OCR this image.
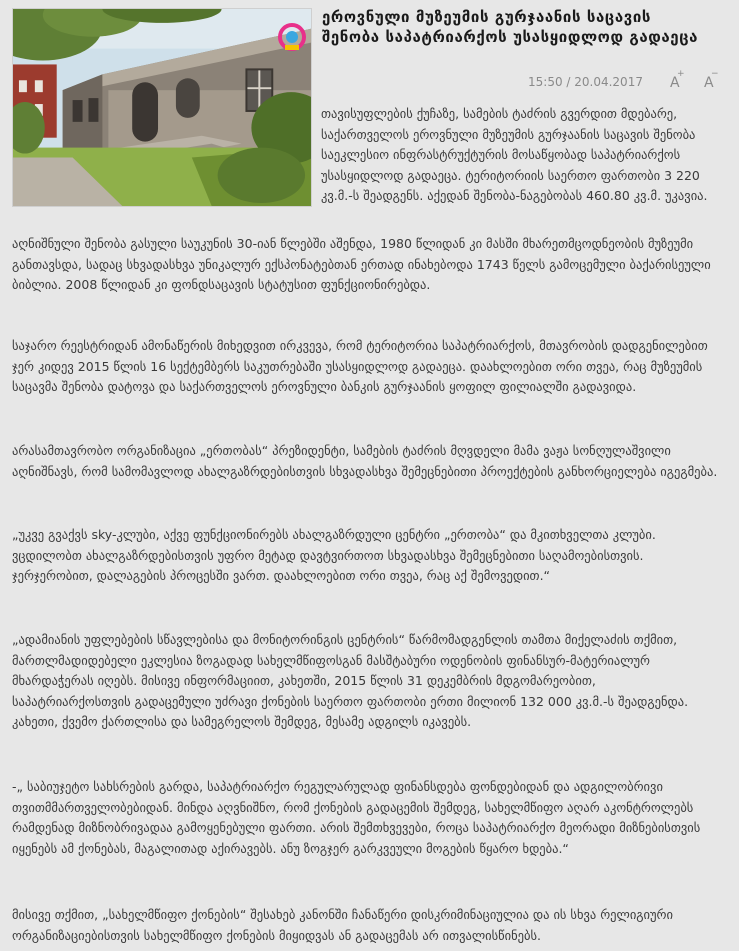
ეროვნული მუზეუმის გურჯაანის საცავის შენობა საპატრიარქოს უსასყიდლოდ გადაეცა
15:50 / 20.04.2017
+
A
−
A

თავისუფლების ქუჩაზე, სამების ტაძრის გვერდით მდებარე, საქართველოს ეროვნული მუზეუმის გურჯაანის საცავის შენობა საეკლესიო ინფრასტრუქტურის მოსაწყობად საპატრიარქოს უსასყიდლოდ გადაეცა. ტერიტორიის საერთო ფართობი 3 220 კვ.მ.-ს შეადგენს. აქედან შენობა-ნაგებობას 460.80 კვ.მ. უკავია.

აღნიშნული შენობა გასული საუკუნის 30-იან წლებში აშენდა, 1980 წლიდან კი მასში მხარეთმცოდნეობის მუზეუმი განთავსდა, სადაც სხვადასხვა უნიკალურ ექსპონატებთან ერთად ინახებოდა 1743 წელს გამოცემული ბაქარისეული ბიბლია. 2008 წლიდან კი ფონდსაცავის სტატუსით ფუნქციონირებდა.

საჯარო რეესტრიდან ამონაწერის მიხედვით ირკვევა, რომ ტერიტორია საპატრიარქოს, მთავრობის დადგენილებით ჯერ კიდევ 2015 წლის 16 სექტემბერს საკუთრებაში უსასყიდლოდ გადაეცა. დაახლოებით ორი თვეა, რაც მუზეუმის საცავმა შენობა დატოვა და საქართველოს ეროვნული ბანკის გურჯაანის ყოფილ ფილიალში გადავიდა.

არასამთავრობო ორგანიზაცია „ერთობას“ პრეზიდენტი, სამების ტაძრის მღვდელი მამა ვაჟა სონღულაშვილი აღნიშნავს, რომ სამომავლოდ ახალგაზრდებისთვის სხვადასხვა შემეცნებითი პროექტების განხორციელება იგეგმება.

„უკვე გვაქვს sky-კლუბი, აქვე ფუნქციონირებს ახალგაზრდული ცენტრი „ერთობა“ და მკითხველთა კლუბი. ვცდილობთ ახალგაზრდებისთვის უფრო მეტად დავტვირთოთ სხვადასხვა შემეცნებითი საღამოებისთვის. ჯერჯერობით, დალაგების პროცესში ვართ. დაახლოებით ორი თვეა, რაც აქ შემოვედით.“

„ადამიანის უფლებების სწავლებისა და მონიტორინგის ცენტრის“ წარმომადგენლის თამთა მიქელაძის თქმით, მართლმადიდებელი ეკლესია ზოგადად სახელმწიფოსგან მასშტაბური ოდენობის ფინანსურ-მატერიალურ მხარდაჭერას იღებს. მისივე ინფორმაციით, კახეთში, 2015 წლის 31 დეკემბრის მდგომარეობით, საპატრიარქოსთვის გადაცემული უძრავი ქონების საერთო ფართობი ერთი მილიონ 132 000 კვ.მ.-ს შეადგენდა. კახეთი, ქვემო ქართლისა და სამეგრელოს შემდეგ, მესამე ადგილს იკავებს.

-„ საბიუჯეტო სახსრების გარდა, საპატრიარქო რეგულარულად ფინანსდება ფონდებიდან და ადგილობრივი თვითმმართველობებიდან. მინდა აღვნიშნო, რომ ქონების გადაცემის შემდეგ, სახელმწიფო აღარ აკონტროლებს რამდენად მიზნობრივადაა გამოყენებული ფართი. არის შემთხვევები, როცა საპატრიარქო მეორადი მიზნებისთვის იყენებს ამ ქონებას, მაგალითად აქირავებს. ანუ ზოგჯერ გარკვეული მოგების წყარო ხდება.“

მისივე თქმით, „სახელმწიფო ქონების“ შესახებ კანონში ჩანაწერი დისკრიმინაციულია და ის სხვა რელიგიური ორგანიზაციებისთვის სახელმწიფო ქონების მიყიდვას ან გადაცემას არ ითვალისწინებს.
